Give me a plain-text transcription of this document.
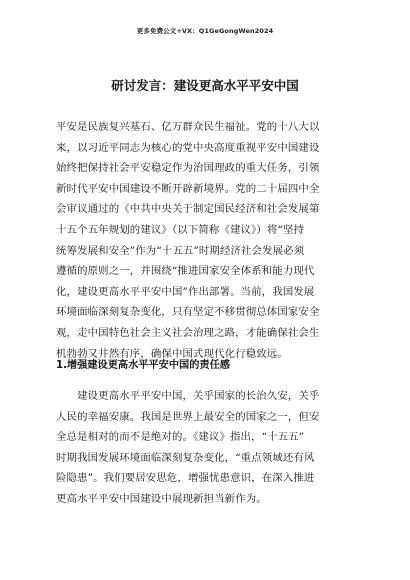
更多免费公文+VX：Q1GeGongWen2024
研讨发言：建设更高水平平安中国
平安是民族复兴基石、亿万群众民生福祉。党的十八大以
来，以习近平同志为核心的党中央高度重视平安中国建设
始终把保持社会平安稳定作为治国理政的重大任务，引领
新时代平安中国建设不断开辟新境界。党的二十届四中全
会审议通过的《中共中央关于制定国民经济和社会发展第
十五个五年规划的建议》（以下简称《建议》）将“坚持
统筹发展和安全”作为“十五五”时期经济社会发展必须
遵循的原则之一，并围绕“推进国家安全体系和能力现代
化，建设更高水平平安中国”作出部署。当前，我国发展
环境面临深刻复杂变化，只有坚定不移贯彻总体国家安全
观，走中国特色社会主义社会治理之路，才能确保社会生
机勃勃又井然有序，确保中国式现代化行稳致远。
1.增强建设更高水平平安中国的责任感
　　建设更高水平平安中国，关乎国家的长治久安，关乎
人民的幸福安康。我国是世界上最安全的国家之一，但安
全总是相对的而不是绝对的。《建议》指出，“十五五”
时期我国发展环境面临深刻复杂变化，“重点领域还有风
险隐患”。我们要居安思危，增强忧患意识，在深入推进
更高水平平安中国建设中展现新担当新作为。
